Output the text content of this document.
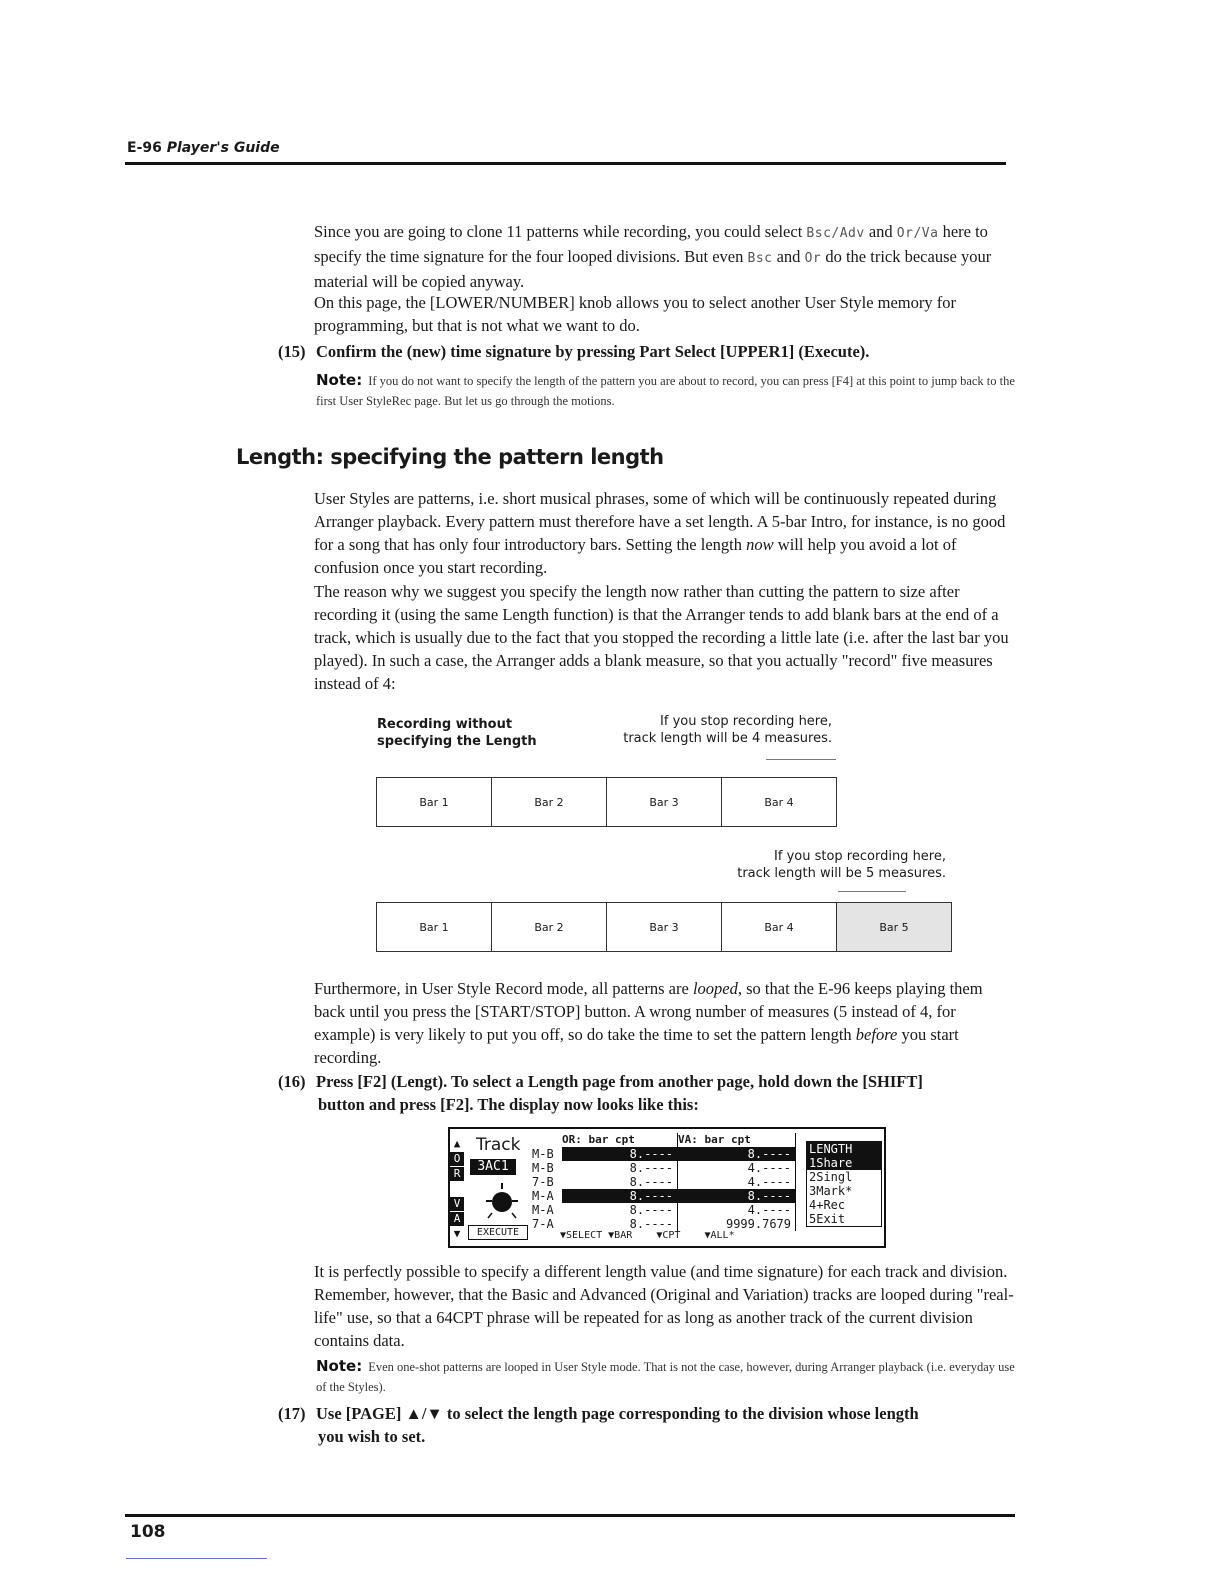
E-96 Player's Guide

Since you are going to clone 11 patterns while recording, you could select Bsc/Adv and Or/Va here to specify the time signature for the four looped divisions. But even Bsc and Or do the trick because your material will be copied anyway.

On this page, the [LOWER/NUMBER] knob allows you to select another User Style memory for programming, but that is not what we want to do.

(15) Confirm the (new) time signature by pressing Part Select [UPPER1] (Execute).

Note: If you do not want to specify the length of the pattern you are about to record, you can press [F4] at this point to jump back to the first User StyleRec page. But let us go through the motions.

Length: specifying the pattern length

User Styles are patterns, i.e. short musical phrases, some of which will be continuously repeated during Arranger playback. Every pattern must therefore have a set length. A 5-bar Intro, for instance, is no good for a song that has only four introductory bars. Setting the length now will help you avoid a lot of confusion once you start recording.

The reason why we suggest you specify the length now rather than cutting the pattern to size after recording it (using the same Length function) is that the Arranger tends to add blank bars at the end of a track, which is usually due to the fact that you stopped the recording a little late (i.e. after the last bar you played). In such a case, the Arranger adds a blank measure, so that you actually "record" five measures instead of 4:

Recording without
specifying the Length
If you stop recording here,
track length will be 4 measures.
Bar 1	Bar 2	Bar 3	Bar 4
If you stop recording here,
track length will be 5 measures.
Bar 1	Bar 2	Bar 3	Bar 4	Bar 5

Furthermore, in User Style Record mode, all patterns are looped, so that the E-96 keeps playing them back until you press the [START/STOP] button. A wrong number of measures (5 instead of 4, for example) is very likely to put you off, so do take the time to set the pattern length before you start recording.

(16) Press [F2] (Lengt). To select a Length page from another page, hold down the [SHIFT]
button and press [F2]. The display now looks like this:

▲
O
R
V
A
▼
Track
3AC1
EXECUTE
OR: bar cpt	VA: bar cpt
M-B	8.----	8.----
M-B	8.----	4.----
7-B	8.----	4.----
M-A	8.----	8.----
M-A	8.----	4.----
7-A	8.----	9999.7679
LENGTH
1Share
2Singl
3Mark*
4+Rec
5Exit
▼SELECT ▼BAR    ▼CPT    ▼ALL*

It is perfectly possible to specify a different length value (and time signature) for each track and division. Remember, however, that the Basic and Advanced (Original and Variation) tracks are looped during "real-life" use, so that a 64CPT phrase will be repeated for as long as another track of the current division contains data.

Note: Even one-shot patterns are looped in User Style mode. That is not the case, however, during Arranger playback (i.e. everyday use of the Styles).

(17) Use [PAGE] ▲/▼ to select the length page corresponding to the division whose length
you wish to set.

108
